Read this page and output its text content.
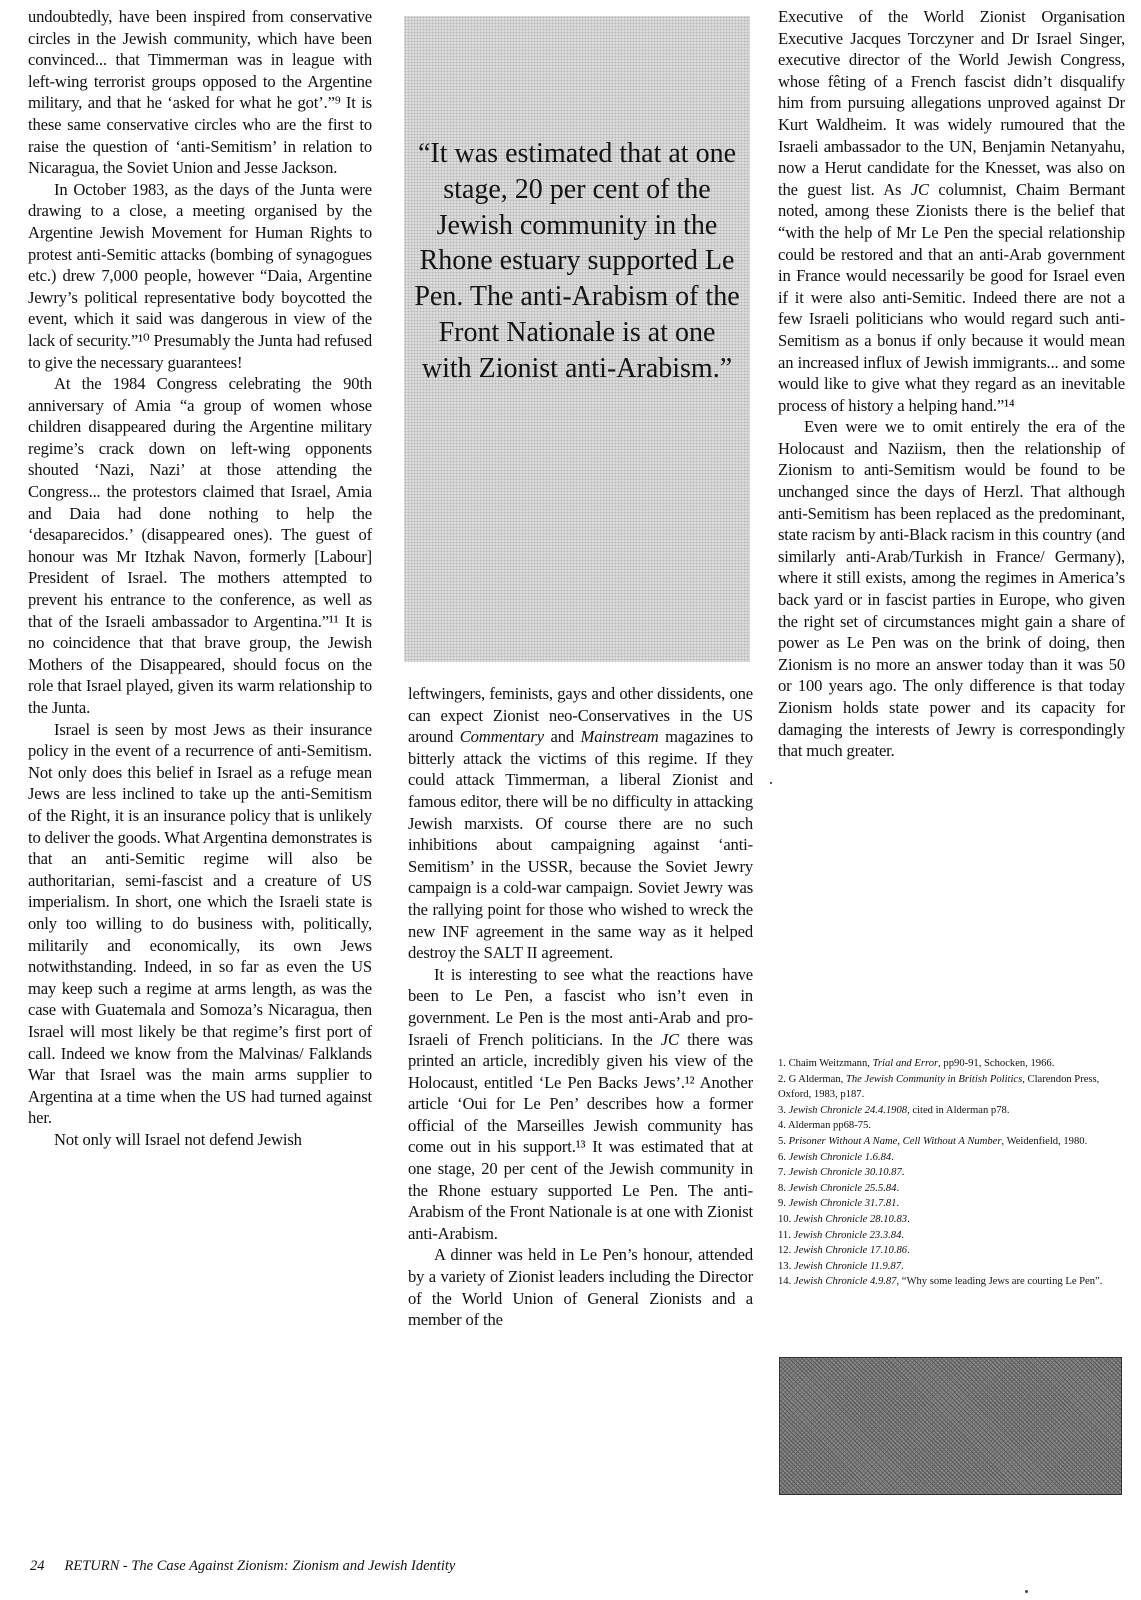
undoubtedly, have been inspired from conservative circles in the Jewish community, which have been convinced... that Timmerman was in league with left-wing terrorist groups opposed to the Argentine military, and that he ‘asked for what he got’.”⁹ It is these same conservative circles who are the first to raise the question of ‘anti-Semitism’ in relation to Nicaragua, the Soviet Union and Jesse Jackson.

In October 1983, as the days of the Junta were drawing to a close, a meeting organised by the Argentine Jewish Movement for Human Rights to protest anti-Semitic attacks (bombing of synagogues etc.) drew 7,000 people, however “Daia, Argentine Jewry’s political representative body boycotted the event, which it said was dangerous in view of the lack of security.”¹⁰ Presumably the Junta had refused to give the necessary guarantees!

At the 1984 Congress celebrating the 90th anniversary of Amia “a group of women whose children disappeared during the Argentine military regime’s crack down on left-wing opponents shouted ‘Nazi, Nazi’ at those attending the Congress... the protestors claimed that Israel, Amia and Daia had done nothing to help the ‘desaparecidos.’ (disappeared ones). The guest of honour was Mr Itzhak Navon, formerly [Labour] President of Israel. The mothers attempted to prevent his entrance to the conference, as well as that of the Israeli ambassador to Argentina.”¹¹ It is no coincidence that that brave group, the Jewish Mothers of the Disappeared, should focus on the role that Israel played, given its warm relationship to the Junta.

Israel is seen by most Jews as their insurance policy in the event of a recurrence of anti-Semitism. Not only does this belief in Israel as a refuge mean Jews are less inclined to take up the anti-Semitism of the Right, it is an insurance policy that is unlikely to deliver the goods. What Argentina demonstrates is that an anti-Semitic regime will also be authoritarian, semi-fascist and a creature of US imperialism. In short, one which the Israeli state is only too willing to do business with, politically, militarily and economically, its own Jews notwithstanding. Indeed, in so far as even the US may keep such a regime at arms length, as was the case with Guatemala and Somoza’s Nicaragua, then Israel will most likely be that regime’s first port of call. Indeed we know from the Malvinas/ Falklands War that Israel was the main arms supplier to Argentina at a time when the US had turned against her.

Not only will Israel not defend Jewish

“It was estimated that at one stage, 20 per cent of the Jewish community in the Rhone estuary supported Le Pen. The anti-Arabism of the Front Nationale is at one with Zionist anti-Arabism.”

leftwingers, feminists, gays and other dissidents, one can expect Zionist neo-Conservatives in the US around Commentary and Mainstream magazines to bitterly attack the victims of this regime. If they could attack Timmerman, a liberal Zionist and famous editor, there will be no difficulty in attacking Jewish marxists. Of course there are no such inhibitions about campaigning against ‘anti-Semitism’ in the USSR, because the Soviet Jewry campaign is a cold-war campaign. Soviet Jewry was the rallying point for those who wished to wreck the new INF agreement in the same way as it helped destroy the SALT II agreement.

It is interesting to see what the reactions have been to Le Pen, a fascist who isn’t even in government. Le Pen is the most anti-Arab and pro-Israeli of French politicians. In the JC there was printed an article, incredibly given his view of the Holocaust, entitled ‘Le Pen Backs Jews’.¹² Another article ‘Oui for Le Pen’ describes how a former official of the Marseilles Jewish community has come out in his support.¹³ It was estimated that at one stage, 20 per cent of the Jewish community in the Rhone estuary supported Le Pen. The anti-Arabism of the Front Nationale is at one with Zionist anti-Arabism.

A dinner was held in Le Pen’s honour, attended by a variety of Zionist leaders including the Director of the World Union of General Zionists and a member of the

Executive of the World Zionist Organisation Executive Jacques Torczyner and Dr Israel Singer, executive director of the World Jewish Congress, whose fêting of a French fascist didn’t disqualify him from pursuing allegations unproved against Dr Kurt Waldheim. It was widely rumoured that the Israeli ambassador to the UN, Benjamin Netanyahu, now a Herut candidate for the Knesset, was also on the guest list. As JC columnist, Chaim Bermant noted, among these Zionists there is the belief that “with the help of Mr Le Pen the special relationship could be restored and that an anti-Arab government in France would necessarily be good for Israel even if it were also anti-Semitic. Indeed there are not a few Israeli politicians who would regard such anti-Semitism as a bonus if only because it would mean an increased influx of Jewish immigrants... and some would like to give what they regard as an inevitable process of history a helping hand.”¹⁴

Even were we to omit entirely the era of the Holocaust and Naziism, then the relationship of Zionism to anti-Semitism would be found to be unchanged since the days of Herzl. That although anti-Semitism has been replaced as the predominant, state racism by anti-Black racism in this country (and similarly anti-Arab/Turkish in France/ Germany), where it still exists, among the regimes in America’s back yard or in fascist parties in Europe, who given the right set of circumstances might gain a share of power as Le Pen was on the brink of doing, then Zionism is no more an answer today than it was 50 or 100 years ago. The only difference is that today Zionism holds state power and its capacity for damaging the interests of Jewry is correspondingly that much greater.

1. Chaim Weitzmann, Trial and Error, pp90-91, Schocken, 1966.
2. G Alderman, The Jewish Community in British Politics, Clarendon Press, Oxford, 1983, p187.
3. Jewish Chronicle 24.4.1908, cited in Alderman p78.
4. Alderman pp68-75.
5. Prisoner Without A Name, Cell Without A Number, Weidenfield, 1980.
6. Jewish Chronicle 1.6.84.
7. Jewish Chronicle 30.10.87.
8. Jewish Chronicle 25.5.84.
9. Jewish Chronicle 31.7.81.
10. Jewish Chronicle 28.10.83.
11. Jewish Chronicle 23.3.84.
12. Jewish Chronicle 17.10.86.
13. Jewish Chronicle 11.9.87.
14. Jewish Chronicle 4.9.87, “Why some leading Jews are courting Le Pen”.
24 RETURN - The Case Against Zionism: Zionism and Jewish Identity
